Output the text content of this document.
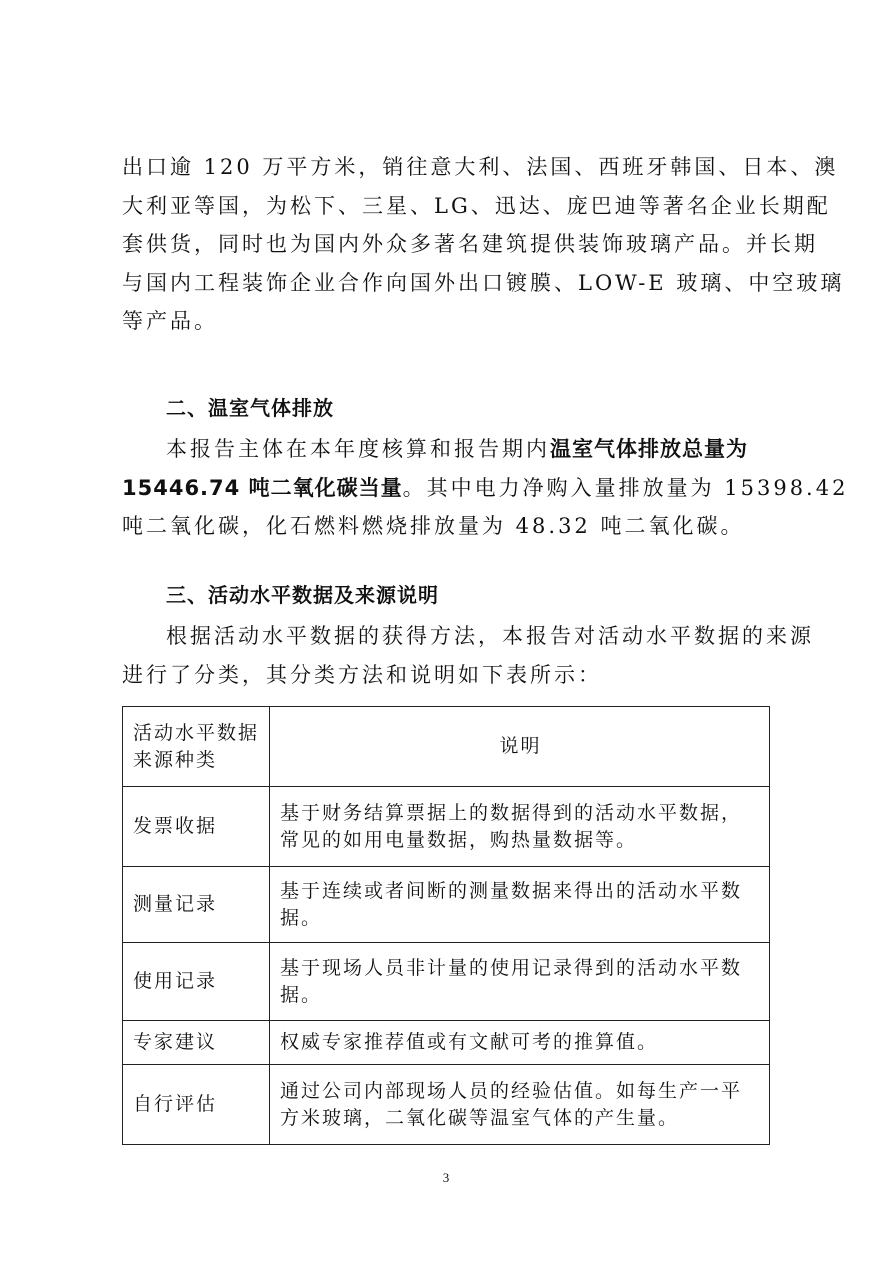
出口逾 120 万平方米，销往意大利、法国、西班牙韩国、日本、澳
大利亚等国，为松下、三星、LG、迅达、庞巴迪等著名企业长期配
套供货，同时也为国内外众多著名建筑提供装饰玻璃产品。并长期
与国内工程装饰企业合作向国外出口镀膜、LOW-E 玻璃、中空玻璃
等产品。
二、温室气体排放
本报告主体在本年度核算和报告期内温室气体排放总量为
15446.74 吨二氧化碳当量。其中电力净购入量排放量为 15398.42
吨二氧化碳，化石燃料燃烧排放量为 48.32 吨二氧化碳。
三、活动水平数据及来源说明
根据活动水平数据的获得方法，本报告对活动水平数据的来源
进行了分类，其分类方法和说明如下表所示：
活动水平数据来源种类	说明
发票收据	基于财务结算票据上的数据得到的活动水平数据，常见的如用电量数据，购热量数据等。
测量记录	基于连续或者间断的测量数据来得出的活动水平数据。
使用记录	基于现场人员非计量的使用记录得到的活动水平数据。
专家建议	权威专家推荐值或有文献可考的推算值。
自行评估	通过公司内部现场人员的经验估值。如每生产一平方米玻璃，二氧化碳等温室气体的产生量。
3
